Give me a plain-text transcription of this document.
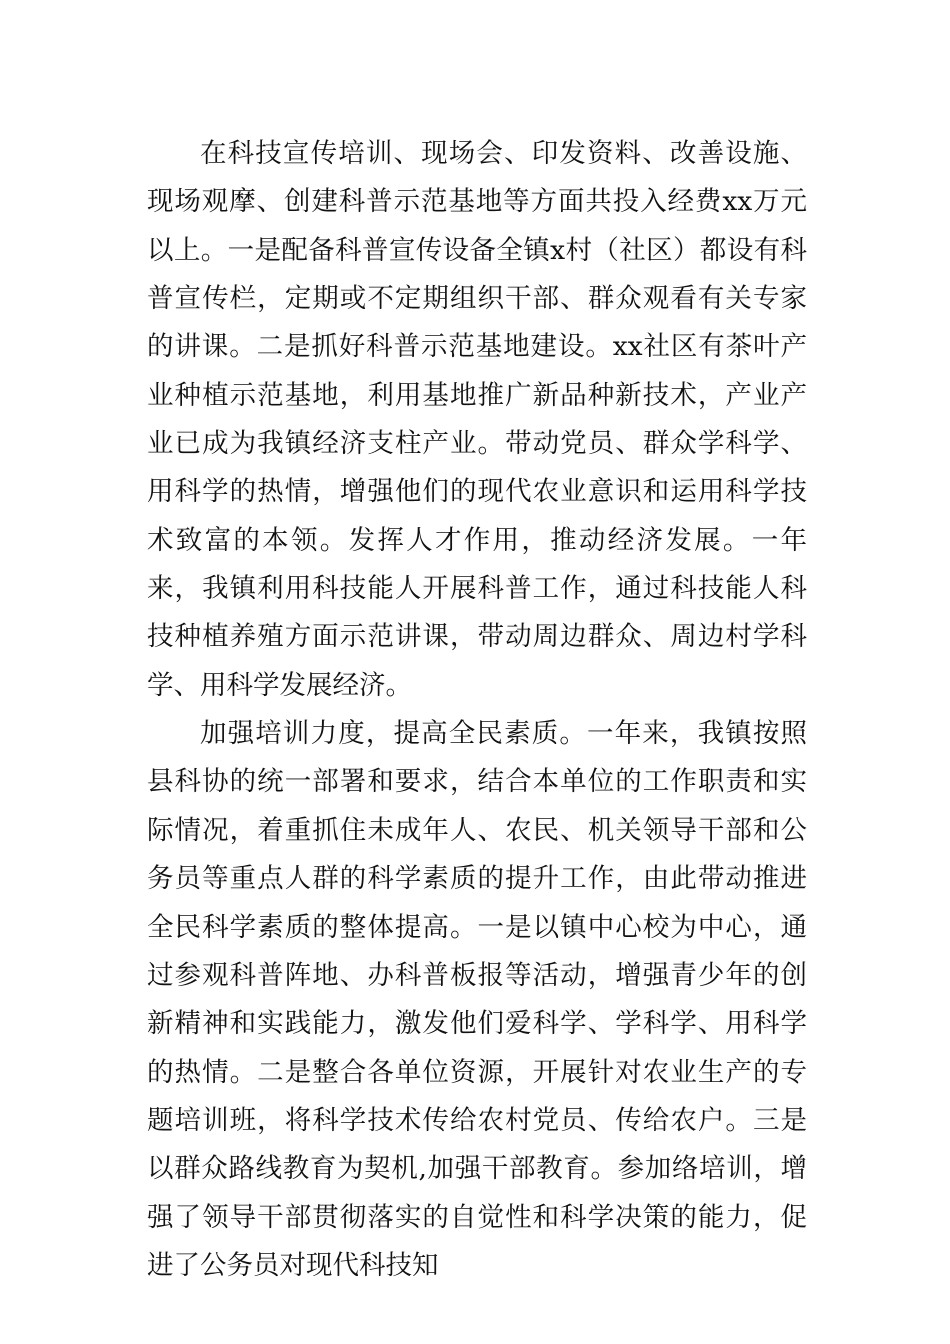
在科技宣传培训、现场会、印发资料、改善设施、现场观摩、创建科普示范基地等方面共投入经费xx万元以上。一是配备科普宣传设备全镇x村（社区）都设有科普宣传栏，定期或不定期组织干部、群众观看有关专家的讲课。二是抓好科普示范基地建设。xx社区有茶叶产业种植示范基地，利用基地推广新品种新技术，产业产业已成为我镇经济支柱产业。带动党员、群众学科学、用科学的热情，增强他们的现代农业意识和运用科学技术致富的本领。发挥人才作用，推动经济发展。一年来，我镇利用科技能人开展科普工作，通过科技能人科技种植养殖方面示范讲课，带动周边群众、周边村学科学、用科学发展经济。

加强培训力度，提高全民素质。一年来，我镇按照县科协的统一部署和要求，结合本单位的工作职责和实际情况，着重抓住未成年人、农民、机关领导干部和公务员等重点人群的科学素质的提升工作，由此带动推进全民科学素质的整体提高。一是以镇中心校为中心，通过参观科普阵地、办科普板报等活动，增强青少年的创新精神和实践能力，激发他们爱科学、学科学、用科学的热情。二是整合各单位资源，开展针对农业生产的专题培训班，将科学技术传给农村党员、传给农户。三是以群众路线教育为契机,加强干部教育。参加络培训，增强了领导干部贯彻落实的自觉性和科学决策的能力，促进了公务员对现代科技知
